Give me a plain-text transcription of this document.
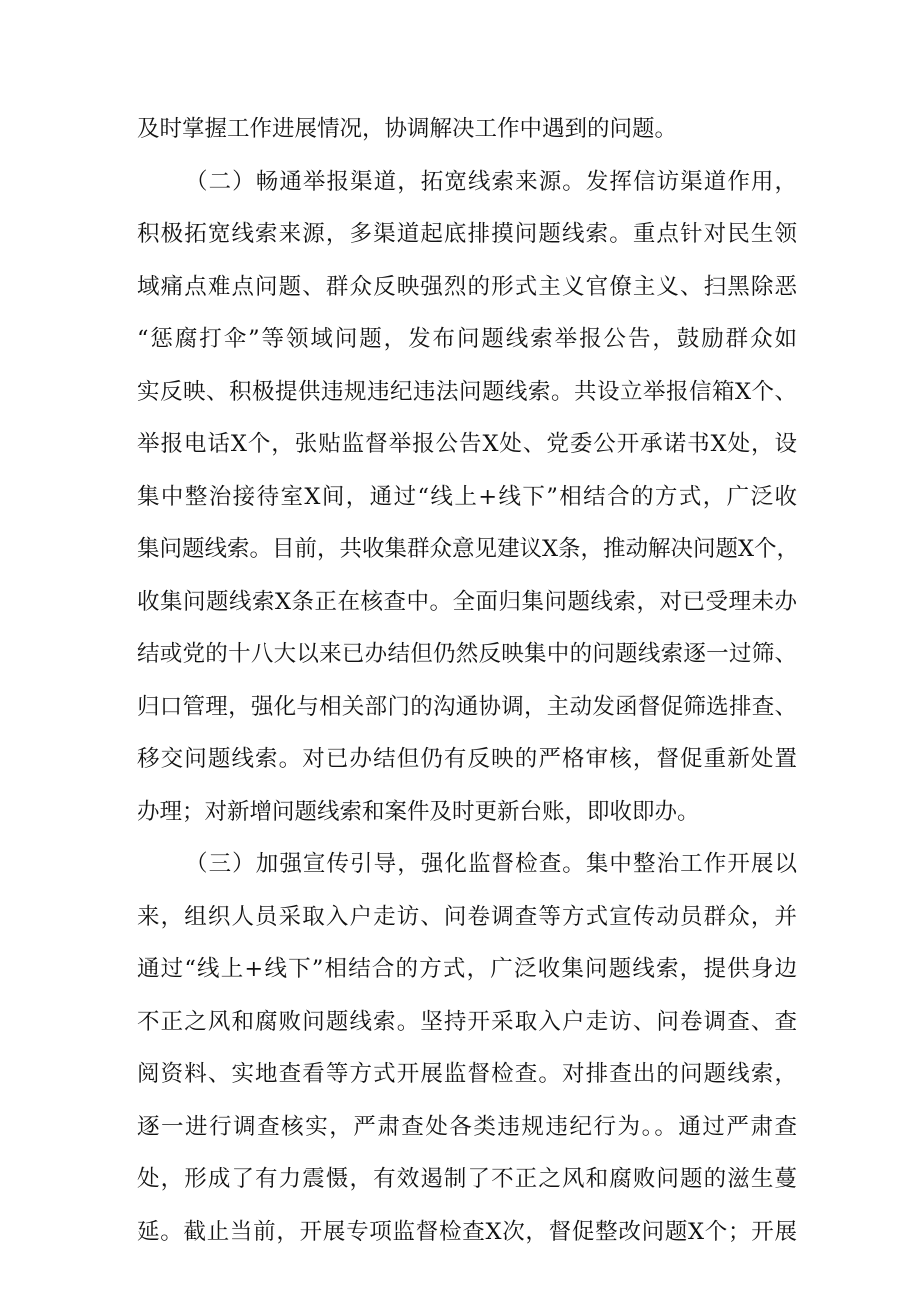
及时掌握工作进展情况，协调解决工作中遇到的问题。
（二）畅通举报渠道，拓宽线索来源。发挥信访渠道作用，
积极拓宽线索来源，多渠道起底排摸问题线索。重点针对民生领
域痛点难点问题、群众反映强烈的形式主义官僚主义、扫黑除恶
“惩腐打伞”等领域问题，发布问题线索举报公告，鼓励群众如
实反映、积极提供违规违纪违法问题线索。共设立举报信箱X个、
举报电话X个，张贴监督举报公告X处、党委公开承诺书X处，设
集中整治接待室X间，通过“线上+线下”相结合的方式，广泛收
集问题线索。目前，共收集群众意见建议X条，推动解决问题X个，
收集问题线索X条正在核查中。全面归集问题线索，对已受理未办
结或党的十八大以来已办结但仍然反映集中的问题线索逐一过筛、
归口管理，强化与相关部门的沟通协调，主动发函督促筛选排查、
移交问题线索。对已办结但仍有反映的严格审核，督促重新处置
办理；对新增问题线索和案件及时更新台账，即收即办。
（三）加强宣传引导，强化监督检查。集中整治工作开展以
来，组织人员采取入户走访、问卷调查等方式宣传动员群众，并
通过“线上+线下”相结合的方式，广泛收集问题线索，提供身边
不正之风和腐败问题线索。坚持开采取入户走访、问卷调查、查
阅资料、实地查看等方式开展监督检查。对排查出的问题线索，
逐一进行调查核实，严肃查处各类违规违纪行为。。通过严肃查
处，形成了有力震慑，有效遏制了不正之风和腐败问题的滋生蔓
延。截止当前，开展专项监督检查X次，督促整改问题X个；开展
